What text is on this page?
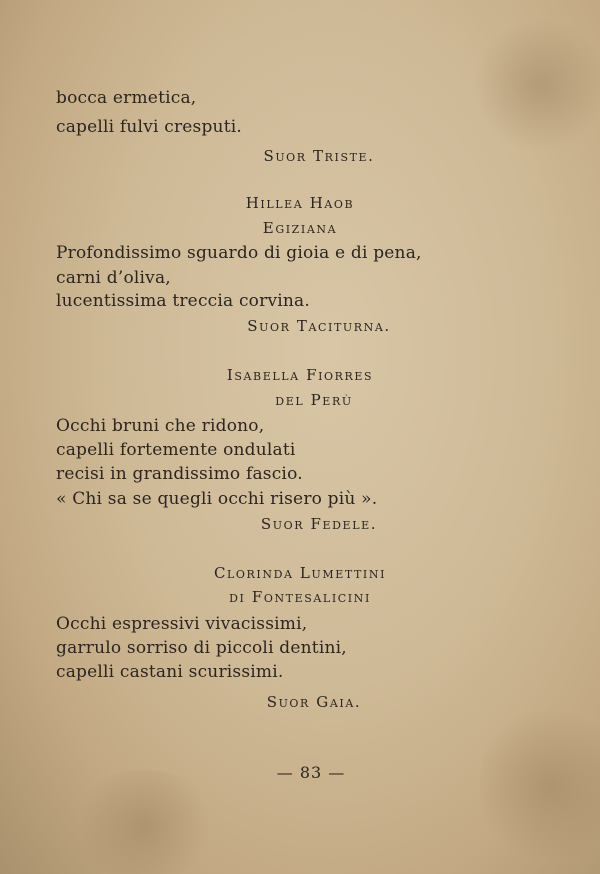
bocca ermetica,
capelli fulvi cresputi.
Suor Triste.
Hillea Haob
Egiziana
Profondissimo sguardo di gioia e di pena,
carni d’oliva,
lucentissima treccia corvina.
Suor Taciturna.
Isabella Fiorres
del Perù
Occhi bruni che ridono,
capelli fortemente ondulati
recisi in grandissimo fascio.
« Chi sa se quegli occhi risero più ».
Suor Fedele.
Clorinda Lumettini
di Fontesalicini
Occhi espressivi vivacissimi,
garrulo sorriso di piccoli dentini,
capelli castani scurissimi.
Suor Gaia.
— 83 —
